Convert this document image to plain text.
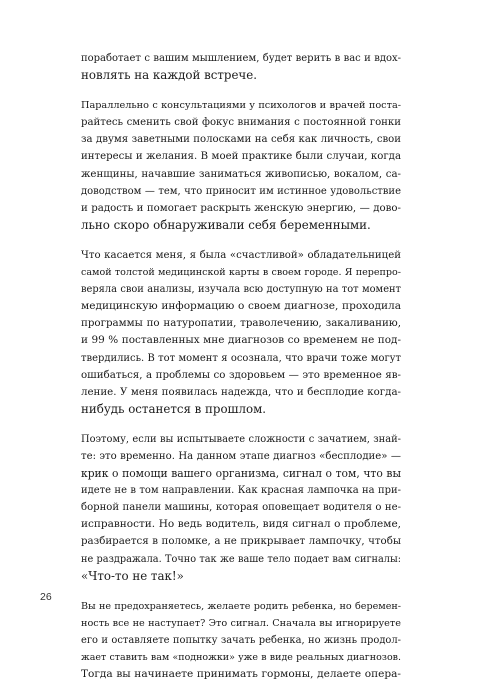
поработает с вашим мышлением, будет верить в вас и вдох-
новлять на каждой встрече.

Параллельно с консультациями у психологов и врачей поста-
райтесь сменить свой фокус внимания с постоянной гонки
за двумя заветными полосками на себя как личность, свои
интересы и желания. В моей практике были случаи, когда
женщины, начавшие заниматься живописью, вокалом, са-
доводством — тем, что приносит им истинное удовольствие
и радость и помогает раскрыть женскую энергию, — дово-
льно скоро обнаруживали себя беременными.

Что касается меня, я была «счастливой» обладательницей
самой толстой медицинской карты в своем городе. Я перепро-
веряла свои анализы, изучала всю доступную на тот момент
медицинскую информацию о своем диагнозе, проходила
программы по натуропатии, траволечению, закаливанию,
и 99 % поставленных мне диагнозов со временем не под-
твердились. В тот момент я осознала, что врачи тоже могут
ошибаться, а проблемы со здоровьем — это временное яв-
ление. У меня появилась надежда, что и бесплодие когда-
нибудь останется в прошлом.

Поэтому, если вы испытываете сложности с зачатием, знай-
те: это временно. На данном этапе диагноз «бесплодие» —
крик о помощи вашего организма, сигнал о том, что вы
идете не в том направлении. Как красная лампочка на при-
борной панели машины, которая оповещает водителя о не-
исправности. Но ведь водитель, видя сигнал о проблеме,
разбирается в поломке, а не прикрывает лампочку, чтобы
не раздражала. Точно так же ваше тело подает вам сигналы:
«Что-то не так!»

Вы не предохраняетесь, желаете родить ребенка, но беремен-
ность все не наступает? Это сигнал. Сначала вы игнорируете
его и оставляете попытку зачать ребенка, но жизнь продол-
жает ставить вам «подножки» уже в виде реальных диагнозов.
Тогда вы начинаете принимать гормоны, делаете опера-

26
